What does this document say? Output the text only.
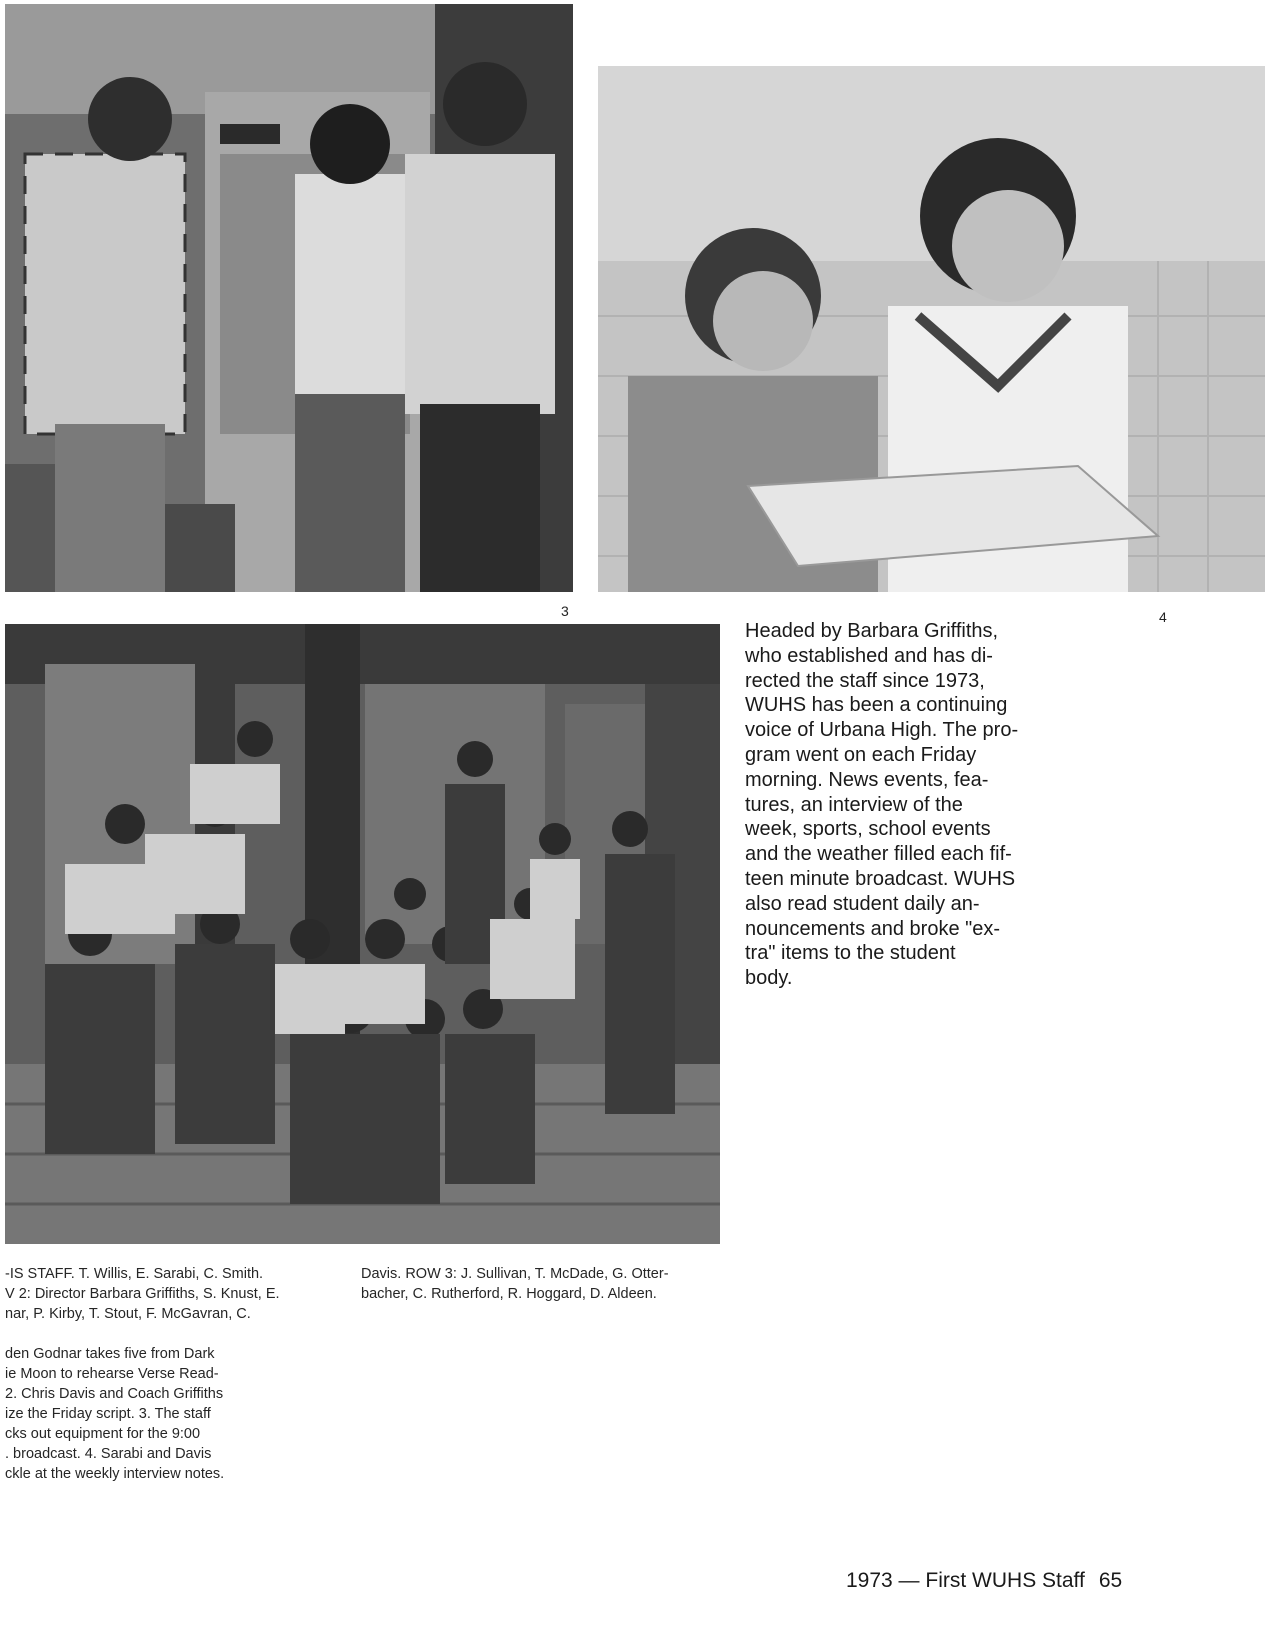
3	4
Headed by Barbara Griffiths,
who established and has di-
rected the staff since 1973,
WUHS has been a continuing
voice of Urbana High. The pro-
gram went on each Friday
morning. News events, fea-
tures, an interview of the
week, sports, school events
and the weather filled each fif-
teen minute broadcast. WUHS
also read student daily an-
nouncements and broke "ex-
tra" items to the student
body.
-IS STAFF. T. Willis, E. Sarabi, C. Smith.
V 2: Director Barbara Griffiths, S. Knust, E.
nar, P. Kirby, T. Stout, F. McGavran, C.
Davis. ROW 3: J. Sullivan, T. McDade, G. Otter-
bacher, C. Rutherford, R. Hoggard, D. Aldeen.
den Godnar takes five from Dark
ie Moon to rehearse Verse Read-
2. Chris Davis and Coach Griffiths
ize the Friday script. 3. The staff
cks out equipment for the 9:00
. broadcast. 4. Sarabi and Davis
ckle at the weekly interview notes.
1973 — First WUHS Staff 65
